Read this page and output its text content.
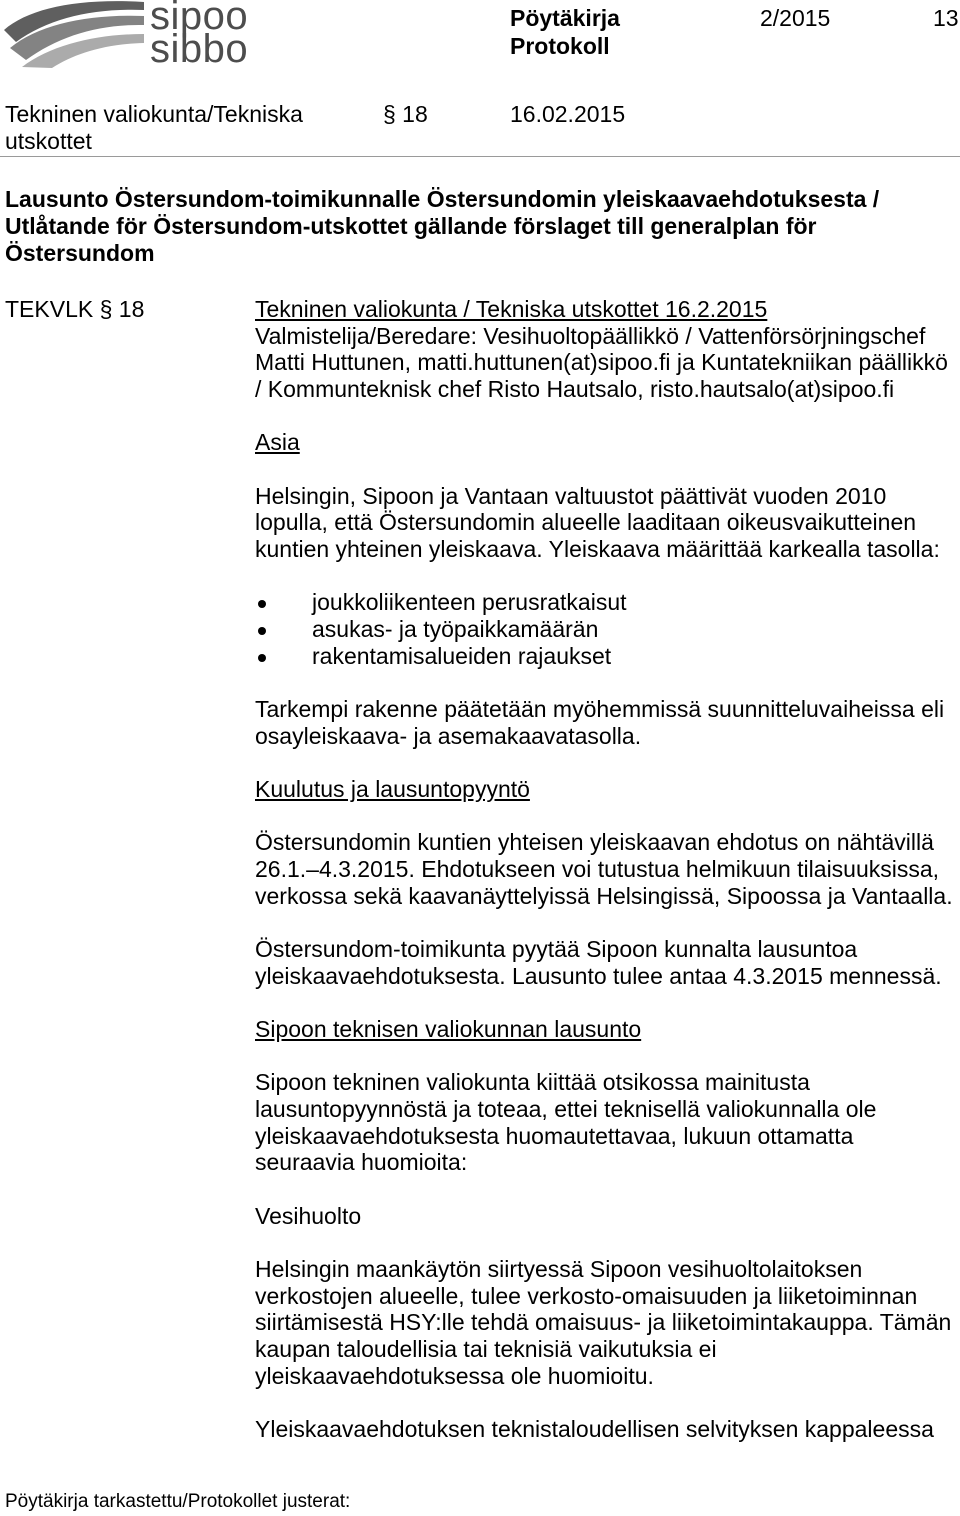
sipoo
sibbo
Pöytäkirja
Protokoll
2/2015	13
Tekninen valiokunta/Tekniska
utskottet
§ 18	16.02.2015
Lausunto Östersundom-toimikunnalle Östersundomin yleiskaavaehdotuksesta /
Utlåtande för Östersundom-utskottet gällande förslaget till generalplan för
Östersundom
TEKVLK § 18	Tekninen valiokunta / Tekniska utskottet 16.2.2015
Valmistelija/Beredare: Vesihuoltopäällikkö / Vattenförsörjningschef
Matti Huttunen, matti.huttunen(at)sipoo.fi ja Kuntatekniikan päällikkö
/ Kommunteknisk chef Risto Hautsalo, risto.hautsalo(at)sipoo.fi
Asia
Helsingin, Sipoon ja Vantaan valtuustot päättivät vuoden 2010
lopulla, että Östersundomin alueelle laaditaan oikeusvaikutteinen
kuntien yhteinen yleiskaava. Yleiskaava määrittää karkealla tasolla:
joukkoliikenteen perusratkaisut
asukas- ja työpaikkamäärän
rakentamisalueiden rajaukset
Tarkempi rakenne päätetään myöhemmissä suunnitteluvaiheissa eli
osayleiskaava- ja asemakaavatasolla.
Kuulutus ja lausuntopyyntö
Östersundomin kuntien yhteisen yleiskaavan ehdotus on nähtävillä
26.1.–4.3.2015. Ehdotukseen voi tutustua helmikuun tilaisuuksissa,
verkossa sekä kaavanäyttelyissä Helsingissä, Sipoossa ja Vantaalla.
Östersundom-toimikunta pyytää Sipoon kunnalta lausuntoa
yleiskaavaehdotuksesta. Lausunto tulee antaa 4.3.2015 mennessä.
Sipoon teknisen valiokunnan lausunto
Sipoon tekninen valiokunta kiittää otsikossa mainitusta
lausuntopyynnöstä ja toteaa, ettei teknisellä valiokunnalla ole
yleiskaavaehdotuksesta huomautettavaa, lukuun ottamatta
seuraavia huomioita:
Vesihuolto
Helsingin maankäytön siirtyessä Sipoon vesihuoltolaitoksen
verkostojen alueelle, tulee verkosto-omaisuuden ja liiketoiminnan
siirtämisestä HSY:lle tehdä omaisuus- ja liiketoimintakauppa. Tämän
kaupan taloudellisia tai teknisiä vaikutuksia ei
yleiskaavaehdotuksessa ole huomioitu.
Yleiskaavaehdotuksen teknistaloudellisen selvityksen kappaleessa
Pöytäkirja tarkastettu/Protokollet justerat:
